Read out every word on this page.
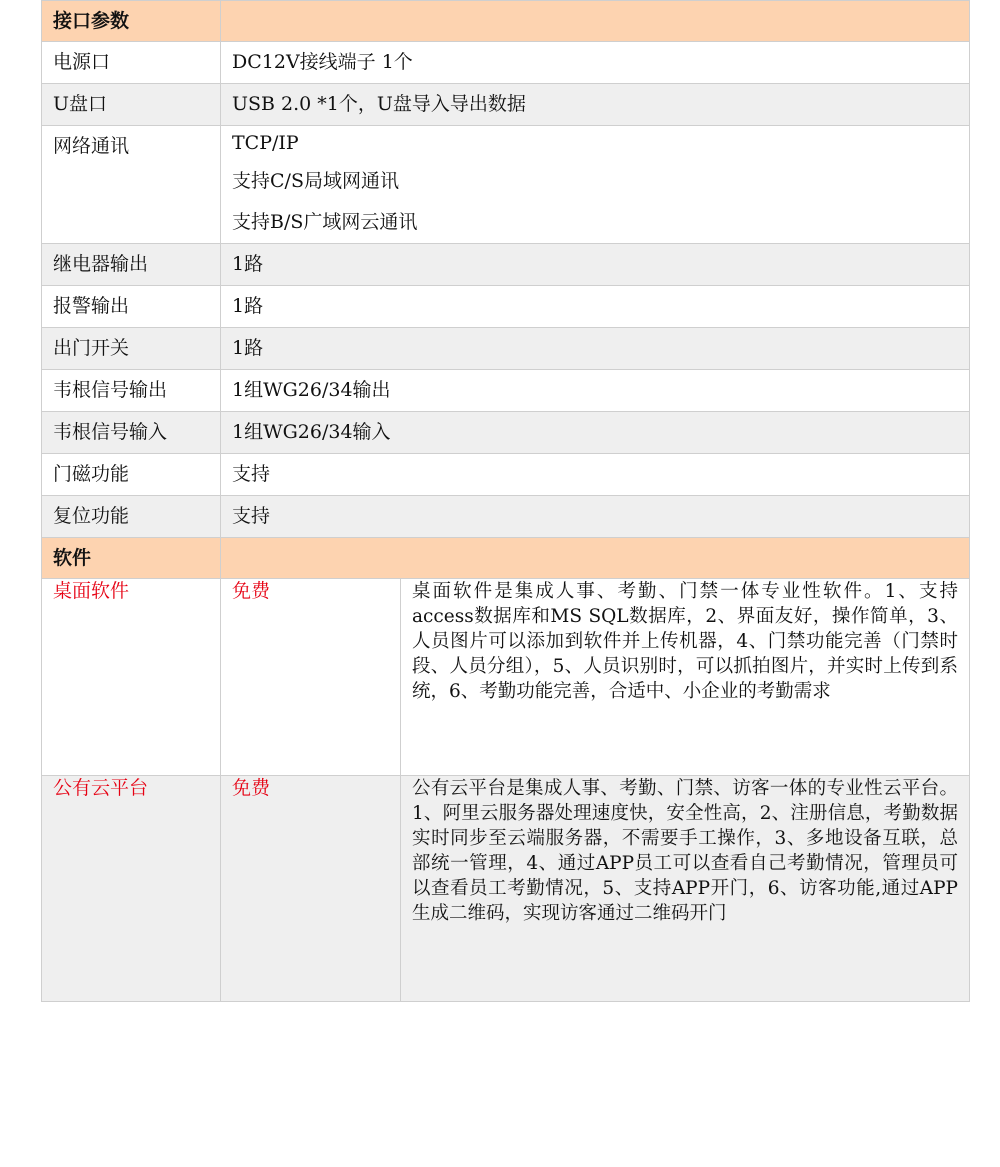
接口参数		
电源口	DC12V接线端子 1个	
U盘口	USB 2.0 *1个，U盘导入导出数据	
网络通讯	TCP/IP
支持C/S局域网通讯
支持B/S广域网云通讯	

继电器输出	1路	
报警输出	1路	
出门开关	1路	
韦根信号输出	1组WG26/34输出	
韦根信号输入	1组WG26/34输入	
门磁功能	支持	
复位功能	支持	
软件		
桌面软件	免费	桌面软件是集成人事、考勤、门禁一体专业性软件。1、支持access数据库和MS SQL数据库，2、界面友好，操作简单，3、人员图片可以添加到软件并上传机器，4、门禁功能完善（门禁时段、人员分组），5、人员识别时，可以抓拍图片，并实时上传到系统，6、考勤功能完善，合适中、小企业的考勤需求
公有云平台	免费	公有云平台是集成人事、考勤、门禁、访客一体的专业性云平台。1、阿里云服务器处理速度快，安全性高，2、注册信息，考勤数据实时同步至云端服务器，不需要手工操作，3、多地设备互联，总部统一管理，4、通过APP员工可以查看自己考勤情况，管理员可以查看员工考勤情况，5、支持APP开门，6、访客功能,通过APP生成二维码，实现访客通过二维码开门
